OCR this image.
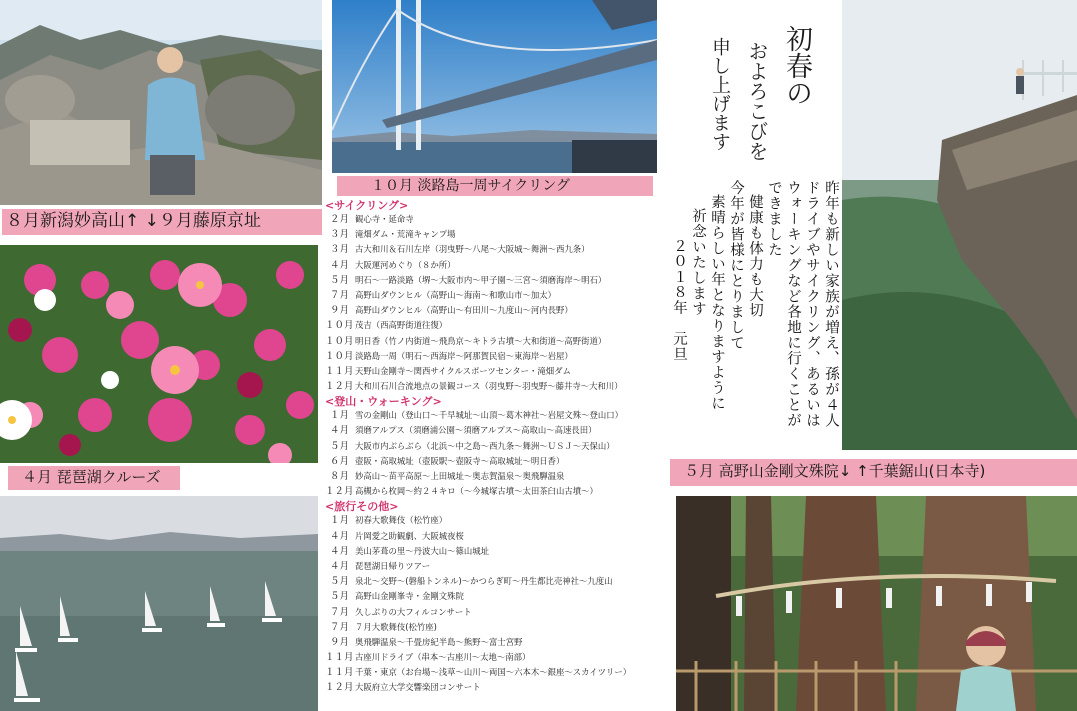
初春の
およろこびを
申し上げます
８月新潟妙高山↑ ↓９月藤原京址
１０月 淡路島一周サイクリング
４月 琵琶湖クルーズ
<サイクリング>
２月 観心寺・延命寺
３月 滝畑ダム・荒滝キャンプ場
３月 古大和川＆石川左岸（羽曳野～八尾～大阪城～舞洲～西九条）
４月 大阪運河めぐり（８か所）
５月 明石～一路淡路（堺～大阪市内～甲子園～三宮～須磨海岸～明石）
７月 高野山ダウンヒル（高野山～海南～和歌山市～加太）
９月 高野山ダウンヒル（高野山～有田川～九度山～河内長野）
１０月 茂吉（西高野街道往復）
１０月 明日香（竹ノ内街道～飛鳥京～キトラ古墳～大和街道～高野街道）
１０月 淡路島一周（明石～西海岸～阿那賀民宿～東海岸～岩屋）
１１月 天野山金剛寺～関西サイクルスポーツセンター・滝畑ダム
１２月 大和川石川合流地点の景観コース（羽曳野～羽曳野～藤井寺～大和川）
<登山・ウォーキング>
１月 雪の金剛山（登山口～千早城址～山頂～葛木神社～岩屋文殊～登山口）
４月 須磨アルプス（須磨浦公園～須磨アルプス～高取山～高速長田）
５月 大阪市内ぶらぶら（北浜～中之島～西九条～舞洲～ＵＳＪ～天保山）
６月 壺阪・高取城址（壺阪駅～壺阪寺～高取城址～明日香）
８月 妙高山～苗平高原～上田城址～奥志賀温泉～奥飛騨温泉
１２月 高槻から枚岡～約２４キロ（～今城塚古墳～太田茶臼山古墳～）
<旅行その他>
１月 初春大歌舞伎（松竹座）
４月 片岡愛之助観劇、大阪城夜桜
４月 美山茅葺の里～丹波大山～篠山城址
４月 琵琶湖日帰りツアー
５月 泉北～交野～(磐船トンネル)～かつらぎ町～丹生都比売神社～九度山
５月 高野山金剛峯寺・金剛文殊院
７月 久しぶりの大フィルコンサート
７月 ７月大歌舞伎(松竹座)
９月 奥飛騨温泉～千畳房紀半島～熊野～富士宮野
１１月 古座川ドライブ（串本～古座川～太地～南部）
１１月 千葉・東京（お台場～浅草～山川～両国～六本木～銀座～スカイツリー）
１２月 大阪府立大学交響楽団コンサート
昨年も新しい家族が増え、孫が４人
ドライブやサイクリング、あるいは
ウォーキングなど各地に行くことが
できました
健康も体力も大切
今年が皆様にとりまして
素晴らしい年となりますように
祈念いたします
２０１８年　元旦
５月 高野山金剛文殊院↓ ↑千葉鋸山(日本寺)
